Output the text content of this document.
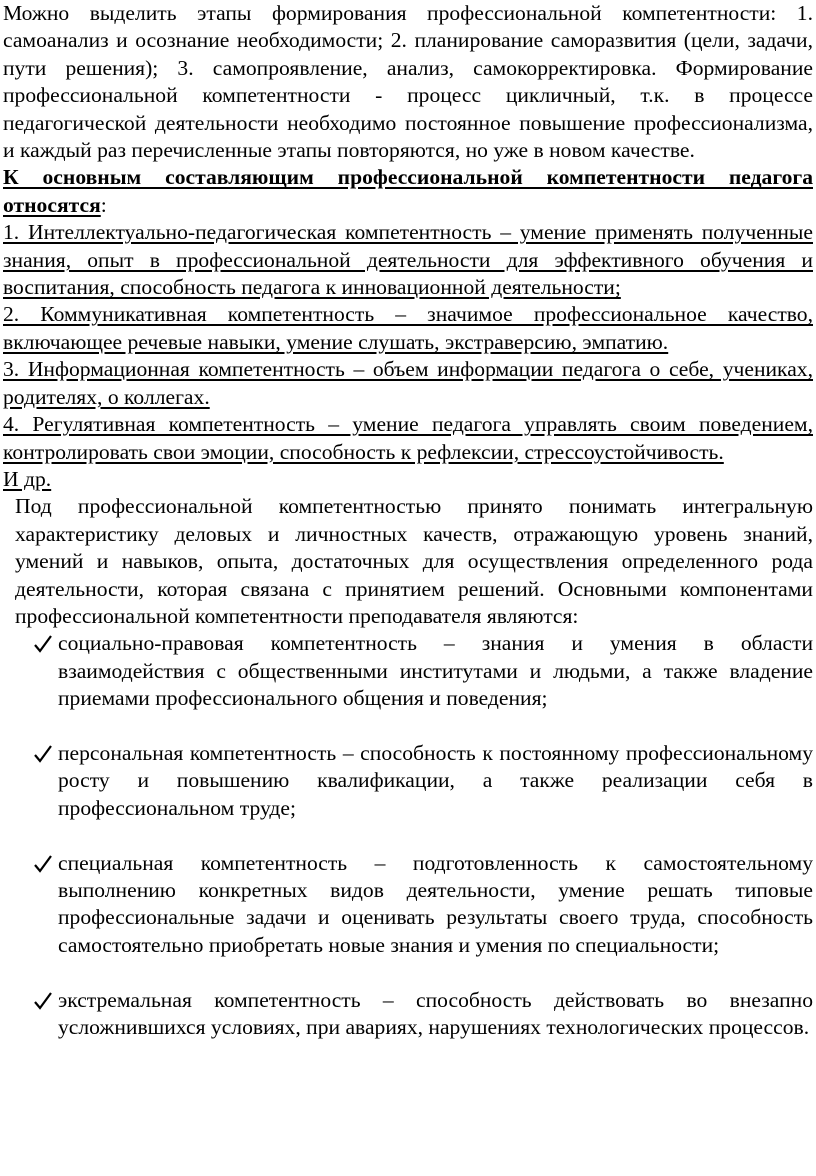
Можно выделить этапы формирования профессиональной компетентности: 1. самоанализ и осознание необходимости; 2. планирование саморазвития (цели, задачи, пути решения); 3. самопроявление, анализ, самокорректировка. Формирование профессиональной компетентности - процесс цикличный, т.к. в процессе педагогической деятельности необходимо постоянное повышение профессионализма, и каждый раз перечисленные этапы повторяются, но уже в новом качестве.

К основным составляющим профессиональной компетентности педагога относятся:

1. Интеллектуально-педагогическая компетентность – умение применять полученные знания, опыт в профессиональной деятельности для эффективного обучения и воспитания, способность педагога к инновационной деятельности;

2. Коммуникативная компетентность – значимое профессиональное качество, включающее речевые навыки, умение слушать, экстраверсию, эмпатию.

3. Информационная компетентность – объем информации педагога о себе, учениках, родителях, о коллегах.

4. Регулятивная компетентность – умение педагога управлять своим поведением, контролировать свои эмоции, способность к рефлексии, стрессоустойчивость.

И др.

Под профессиональной компетентностью принято понимать интегральную характеристику деловых и личностных качеств, отражающую уровень знаний, умений и навыков, опыта, достаточных для осуществления определенного рода деятельности, которая связана с принятием решений. Основными компонентами профессиональной компетентности преподавателя являются:

социально-правовая компетентность – знания и умения в области взаимодействия с общественными институтами и людьми, а также владение приемами профессионального общения и поведения;
персональная компетентность – способность к постоянному профессиональному росту и повышению квалификации, а также реализации себя в профессиональном труде;
специальная компетентность – подготовленность к самостоятельному выполнению конкретных видов деятельности, умение решать типовые профессиональные задачи и оценивать результаты своего труда, способность самостоятельно приобретать новые знания и умения по специальности;
экстремальная компетентность – способность действовать во внезапно усложнившихся условиях, при авариях, нарушениях технологических процессов.
